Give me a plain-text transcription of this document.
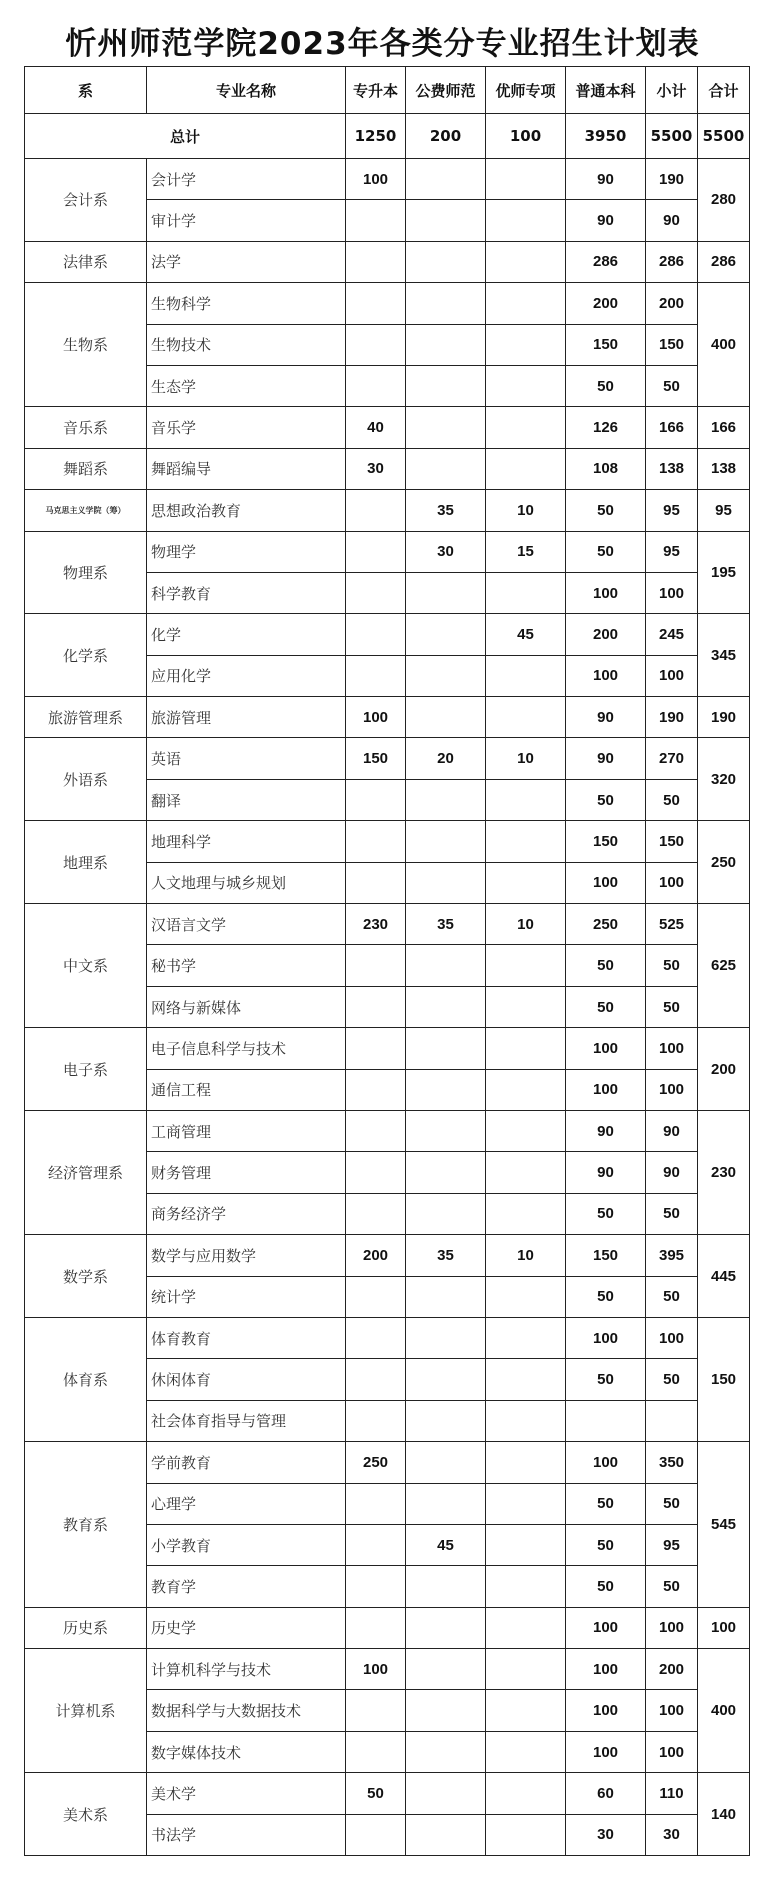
忻州师范学院2023年各类分专业招生计划表
系	专业名称	专升本	公费师范	优师专项	普通本科	小计	合计
总计		1250	200	100	3950	5500	5500
会计系	会计学	100			90	190	280
	审计学				90	90	
法律系	法学				286	286	286
生物系	生物科学				200	200	400
	生物技术				150	150	
	生态学				50	50	
音乐系	音乐学	40			126	166	166
舞蹈系	舞蹈编导	30			108	138	138
马克思主义学院（筹）	思想政治教育		35	10	50	95	95
物理系	物理学		30	15	50	95	195
	科学教育				100	100	
化学系	化学			45	200	245	345
	应用化学				100	100	
旅游管理系	旅游管理	100			90	190	190
外语系	英语	150	20	10	90	270	320
	翻译				50	50	
地理系	地理科学				150	150	250
	人文地理与城乡规划				100	100	
中文系	汉语言文学	230	35	10	250	525	625
	秘书学				50	50	
	网络与新媒体				50	50	
电子系	电子信息科学与技术				100	100	200
	通信工程				100	100	
经济管理系	工商管理				90	90	230
	财务管理				90	90	
	商务经济学				50	50	
数学系	数学与应用数学	200	35	10	150	395	445
	统计学				50	50	
体育系	体育教育				100	100	150
	休闲体育				50	50	
	社会体育指导与管理						
教育系	学前教育	250			100	350	545
	心理学				50	50	
	小学教育		45		50	95	
	教育学				50	50	
历史系	历史学				100	100	100
计算机系	计算机科学与技术	100			100	200	400
	数据科学与大数据技术				100	100	
	数字媒体技术				100	100	
美术系	美术学	50			60	110	140
	书法学				30	30	
